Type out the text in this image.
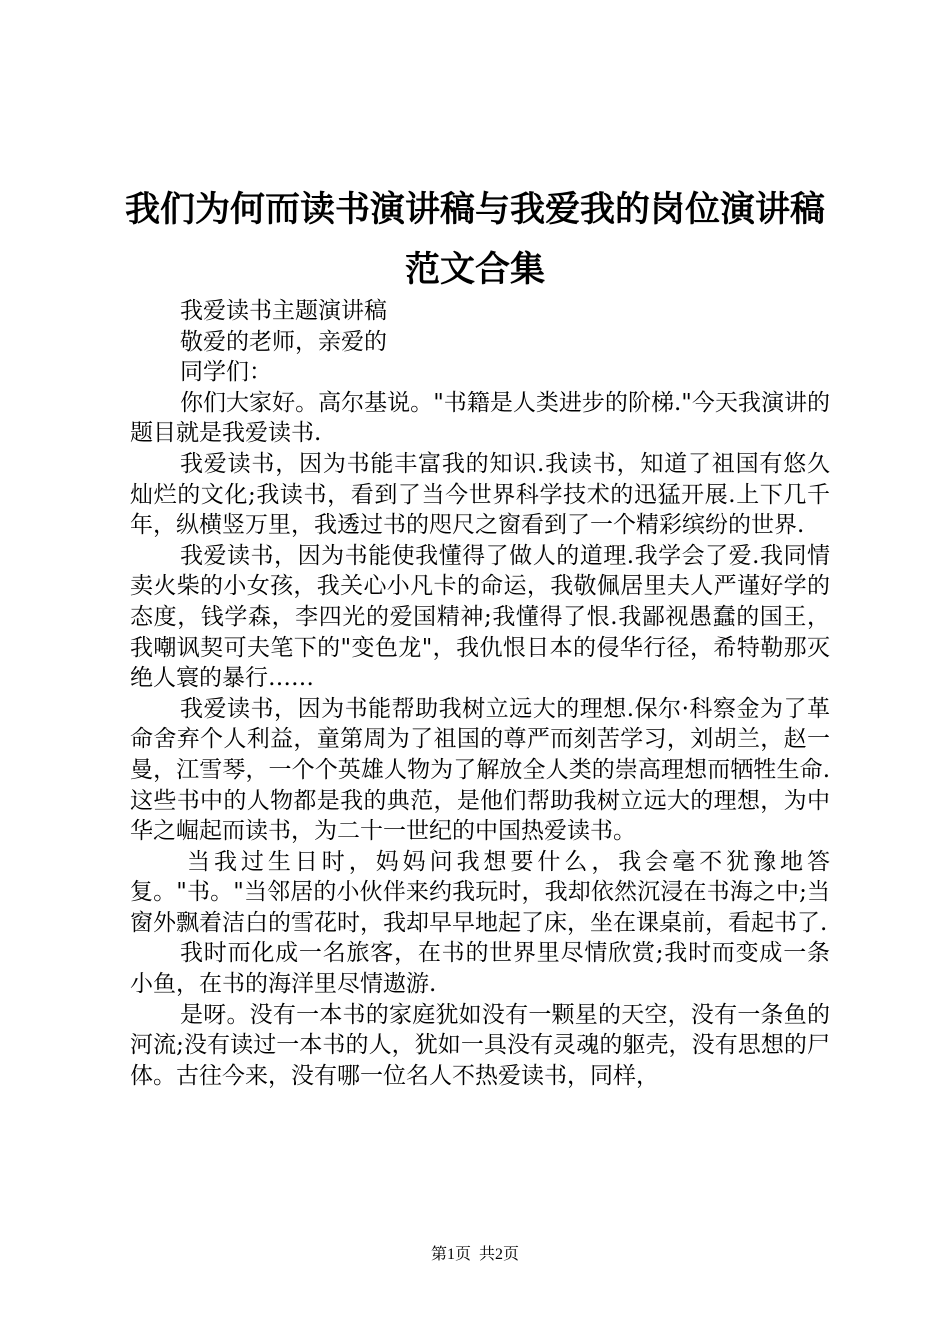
我们为何而读书演讲稿与我爱我的岗位演讲稿
范文合集

我爱读书主题演讲稿

敬爱的老师，亲爱的

同学们：

你们大家好。高尔基说。"书籍是人类进步的阶梯."今天我演讲的题目就是我爱读书.

我爱读书，因为书能丰富我的知识.我读书，知道了祖国有悠久灿烂的文化;我读书，看到了当今世界科学技术的迅猛开展.上下几千年，纵横竖万里，我透过书的咫尺之窗看到了一个精彩缤纷的世界.

我爱读书，因为书能使我懂得了做人的道理.我学会了爱.我同情卖火柴的小女孩，我关心小凡卡的命运，我敬佩居里夫人严谨好学的态度，钱学森，李四光的爱国精神;我懂得了恨.我鄙视愚蠢的国王，我嘲讽契可夫笔下的"变色龙"，我仇恨日本的侵华行径，希特勒那灭绝人寰的暴行……

我爱读书，因为书能帮助我树立远大的理想.保尔·科察金为了革命舍弃个人利益，童第周为了祖国的尊严而刻苦学习，刘胡兰，赵一曼，江雪琴，一个个英雄人物为了解放全人类的崇高理想而牺牲生命.这些书中的人物都是我的典范，是他们帮助我树立远大的理想，为中华之崛起而读书，为二十一世纪的中国热爱读书。

当我过生日时，妈妈问我想要什么，我会毫不犹豫地答复。"书。"当邻居的小伙伴来约我玩时，我却依然沉浸在书海之中;当窗外飘着洁白的雪花时，我却早早地起了床，坐在课桌前，看起书了.

我时而化成一名旅客，在书的世界里尽情欣赏;我时而变成一条小鱼，在书的海洋里尽情遨游.

是呀。没有一本书的家庭犹如没有一颗星的天空，没有一条鱼的河流;没有读过一本书的人，犹如一具没有灵魂的躯壳，没有思想的尸体。古往今来，没有哪一位名人不热爱读书，同样，

第1页 共2页
